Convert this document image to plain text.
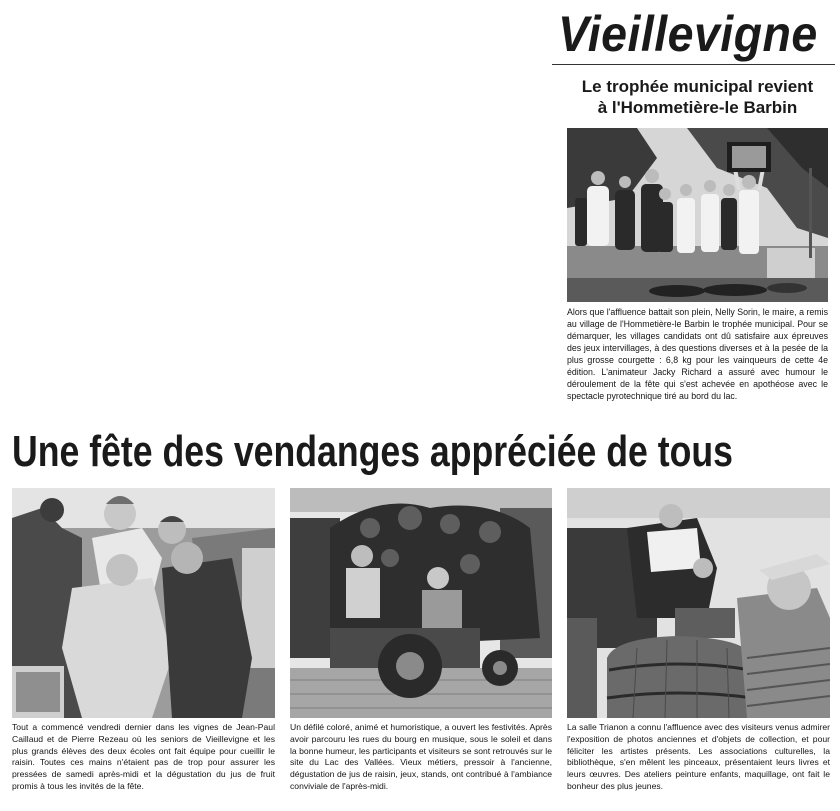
Vieillevigne
Le trophée municipal revient
à l'Hommetière-le Barbin

Alors que l'affluence battait son plein, Nelly Sorin, le maire, a remis au village de l'Hommetière-le Barbin le trophée municipal. Pour se démarquer, les villages candidats ont dû satisfaire aux épreuves des jeux intervillages, à des questions diverses et à la pesée de la plus grosse courgette : 6,8 kg pour les vainqueurs de cette 4e édition. L'animateur Jacky Richard a assuré avec humour le déroulement de la fête qui s'est achevée en apothéose avec le spectacle pyrotechnique tiré au bord du lac.

Une fête des vendanges appréciée de tous

Tout a commencé vendredi dernier dans les vignes de Jean-Paul Caillaud et de Pierre Rezeau où les seniors de Vieillevigne et les plus grands élèves des deux écoles ont fait équipe pour cueillir le raisin. Toutes ces mains n'étaient pas de trop pour assurer les pressées de samedi après-midi et la dégustation du jus de fruit promis à tous les invités de la fête.

Un défilé coloré, animé et humoristique, a ouvert les festivités. Après avoir parcouru les rues du bourg en musique, sous le soleil et dans la bonne humeur, les participants et visiteurs se sont retrouvés sur le site du Lac des Vallées. Vieux métiers, pressoir à l'ancienne, dégustation de jus de raisin, jeux, stands, ont contribué à l'ambiance conviviale de l'après-midi.

La salle Trianon a connu l'affluence avec des visiteurs venus admirer l'exposition de photos anciennes et d'objets de collection, et pour féliciter les artistes présents. Les associations culturelles, la bibliothèque, s'en mêlent les pinceaux, présentaient leurs livres et leurs œuvres. Des ateliers peinture enfants, maquillage, ont fait le bonheur des plus jeunes.
